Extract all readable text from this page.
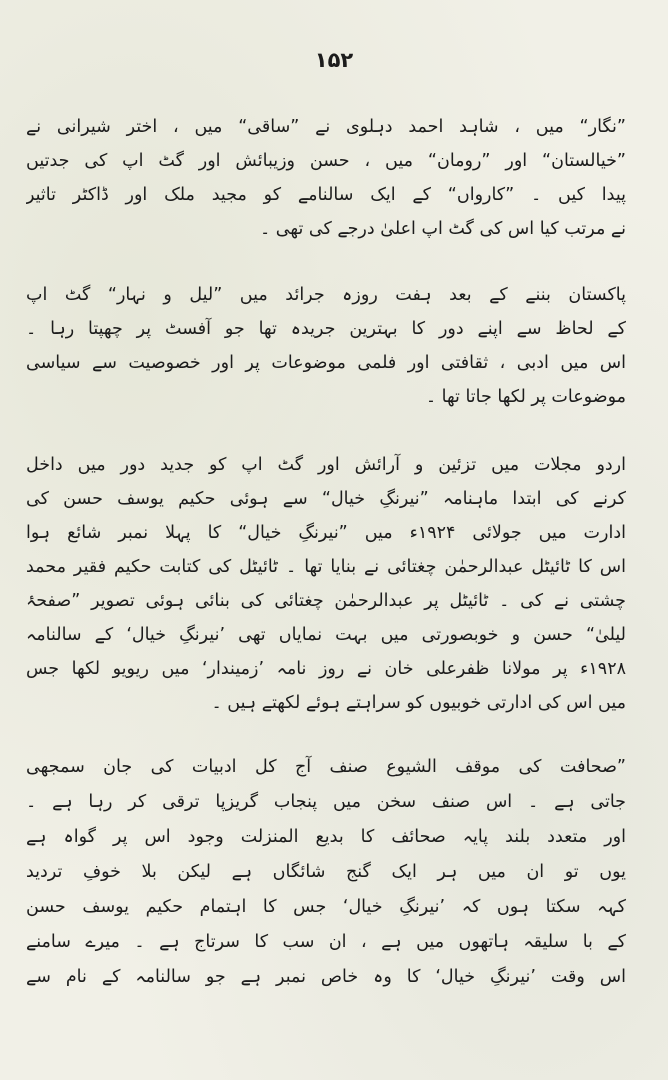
۱۵۲
”نگار“ میں ، شاہد احمد دہلوی نے ”ساقی“ میں ، اختر شیرانی نے
”خیالستان“ اور ”رومان“ میں ، حسن وزیبائش اور گٹ اپ کی جدتیں
پیدا کیں ۔ ”کارواں“ کے ایک سالنامے کو مجید ملک اور ڈاکٹر تاثیر
نے مرتب کیا اس کی گٹ اپ اعلیٰ درجے کی تھی ۔
پاکستان بننے کے بعد ہفت روزہ جرائد میں ”لیل و نہار“ گٹ اپ
کے لحاظ سے اپنے دور کا بہترین جریدہ تھا جو آفسٹ پر چھپتا رہا ۔
اس میں ادبی ، ثقافتی اور فلمی موضوعات پر اور خصوصیت سے سیاسی
موضوعات پر لکھا جاتا تھا ۔
اردو مجلات میں تزئین و آرائش اور گٹ اپ کو جدید دور میں داخل
کرنے کی ابتدا ماہنامہ ”نیرنگِ خیال“ سے ہوئی حکیم یوسف حسن کی
ادارت میں جولائی ۱۹۲۴ء میں ”نیرنگِ خیال“ کا پہلا نمبر شائع ہوا
اس کا ٹائیٹل عبدالرحمٰن چغتائی نے بنایا تھا ۔ ٹائیٹل کی کتابت حکیم فقیر محمد
چشتی نے کی ۔ ٹائیٹل پر عبدالرحمٰن چغتائی کی بنائی ہوئی تصویر ”صفحۂ
لیلیٰ“ حسن و خوبصورتی میں بہت نمایاں تھی ’نیرنگِ خیال‘ کے سالنامہ
۱۹۲۸ء پر مولانا ظفرعلی خان نے روز نامہ ’زمیندار‘ میں ریویو لکھا جس
میں اس کی ادارتی خوبیوں کو سراہتے ہوئے لکھتے ہیں ۔
”صحافت کی موقف الشیوع صنف آج کل ادبیات کی جان سمجھی
جاتی ہے ۔ اس صنف سخن میں پنجاب گریزپا ترقی کر رہا ہے ۔
اور متعدد بلند پایہ صحائف کا بدیع المنزلت وجود اس پر گواہ ہے
یوں تو ان میں ہر ایک گنج شائگاں ہے لیکن بلا خوفِ تردید
کہہ سکتا ہوں کہ ’نیرنگِ خیال‘ جس کا اہتمام حکیم یوسف حسن
کے با سلیقہ ہاتھوں میں ہے ، ان سب کا سرتاج ہے ۔ میرے سامنے
اس وقت ’نیرنگِ خیال‘ کا وہ خاص نمبر ہے جو سالنامہ کے نام سے
